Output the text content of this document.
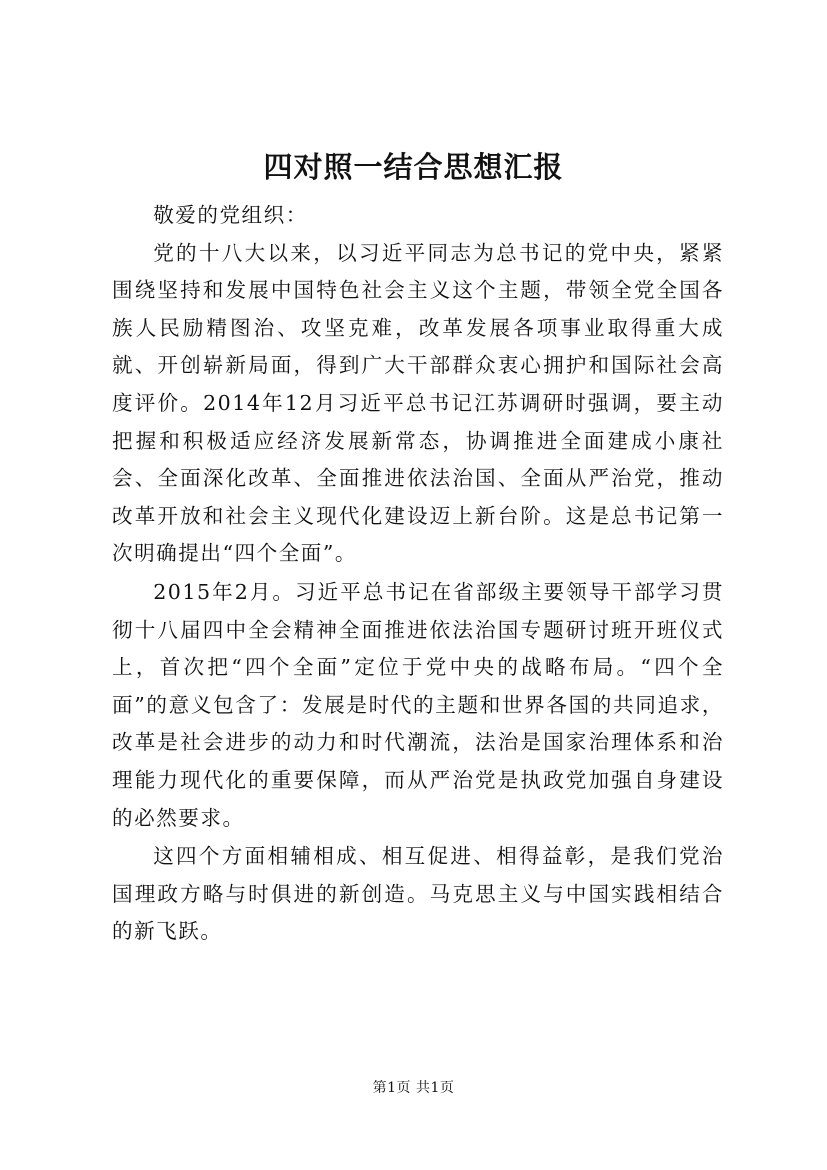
四对照一结合思想汇报

敬爱的党组织：

党的十八大以来，以习近平同志为总书记的党中央，紧紧围绕坚持和发展中国特色社会主义这个主题，带领全党全国各族人民励精图治、攻坚克难，改革发展各项事业取得重大成就、开创崭新局面，得到广大干部群众衷心拥护和国际社会高度评价。2014年12月习近平总书记江苏调研时强调，要主动把握和积极适应经济发展新常态，协调推进全面建成小康社会、全面深化改革、全面推进依法治国、全面从严治党，推动改革开放和社会主义现代化建设迈上新台阶。这是总书记第一次明确提出“四个全面”。

2015年2月。习近平总书记在省部级主要领导干部学习贯彻十八届四中全会精神全面推进依法治国专题研讨班开班仪式上，首次把“四个全面”定位于党中央的战略布局。“四个全面”的意义包含了：发展是时代的主题和世界各国的共同追求，改革是社会进步的动力和时代潮流，法治是国家治理体系和治理能力现代化的重要保障，而从严治党是执政党加强自身建设的必然要求。

这四个方面相辅相成、相互促进、相得益彰，是我们党治国理政方略与时俱进的新创造。马克思主义与中国实践相结合的新飞跃。

第1页 共1页
